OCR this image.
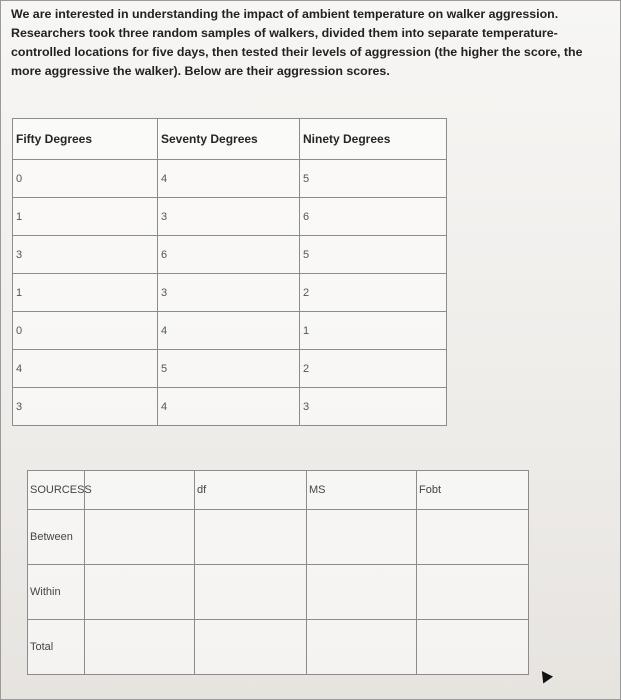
We are interested in understanding the impact of ambient temperature on walker aggression. Researchers took three random samples of walkers, divided them into separate temperature-controlled locations for five days, then tested their levels of aggression (the higher the score, the more aggressive the walker). Below are their aggression scores.
Fifty Degrees	Seventy Degrees	Ninety Degrees
0	4	5
1	3	6
3	6	5
1	3	2
0	4	1
4	5	2
3	4	3
SOURCESS		df	MS	Fobt
Between				
Within				
Total				
